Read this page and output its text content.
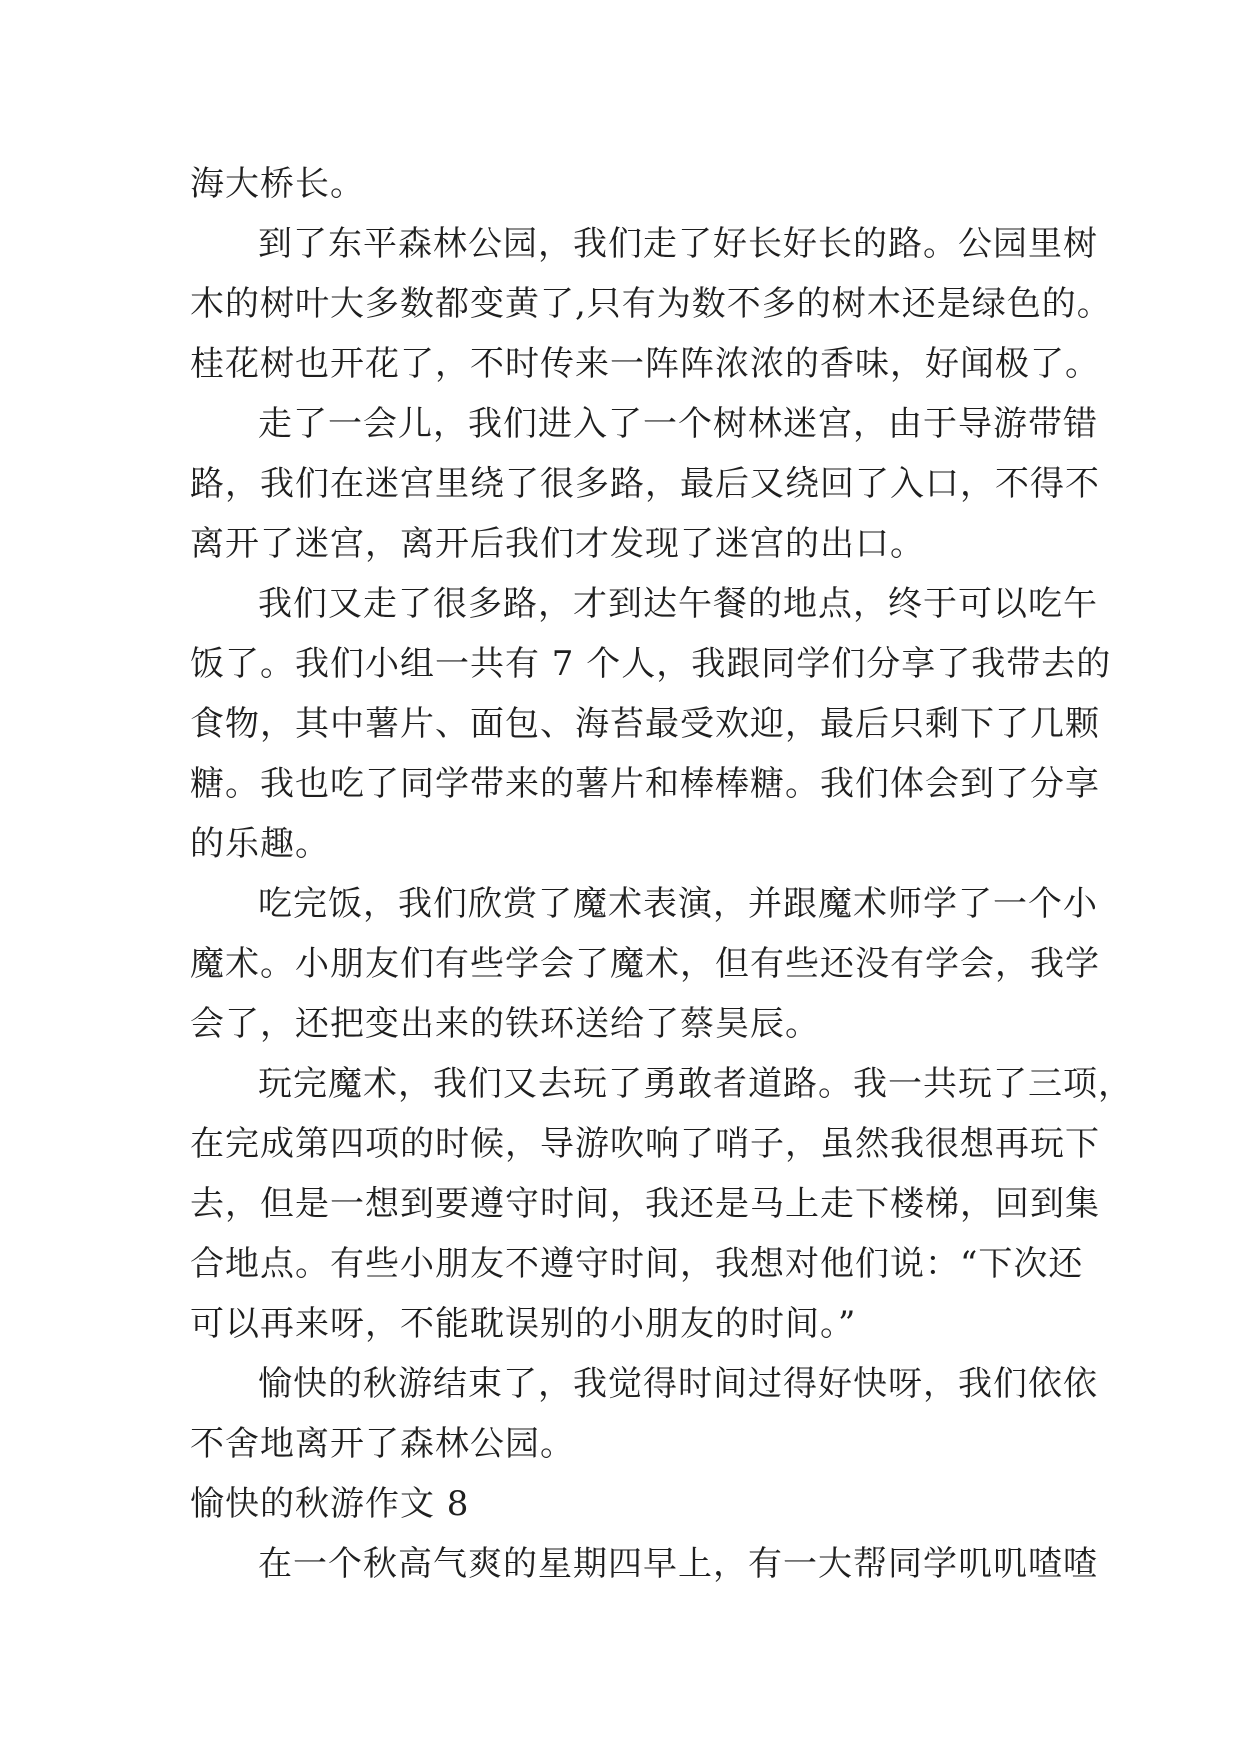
海大桥长。

到了东平森林公园，我们走了好长好长的路。公园里树
木的树叶大多数都变黄了,只有为数不多的树木还是绿色的。
桂花树也开花了，不时传来一阵阵浓浓的香味，好闻极了。

走了一会儿，我们进入了一个树林迷宫，由于导游带错
路，我们在迷宫里绕了很多路，最后又绕回了入口，不得不
离开了迷宫，离开后我们才发现了迷宫的出口。

我们又走了很多路，才到达午餐的地点，终于可以吃午
饭了。我们小组一共有 7 个人，我跟同学们分享了我带去的
食物，其中薯片、面包、海苔最受欢迎，最后只剩下了几颗
糖。我也吃了同学带来的薯片和棒棒糖。我们体会到了分享
的乐趣。

吃完饭，我们欣赏了魔术表演，并跟魔术师学了一个小
魔术。小朋友们有些学会了魔术，但有些还没有学会，我学
会了，还把变出来的铁环送给了蔡昊辰。

玩完魔术，我们又去玩了勇敢者道路。我一共玩了三项，
在完成第四项的时候，导游吹响了哨子，虽然我很想再玩下
去，但是一想到要遵守时间，我还是马上走下楼梯，回到集
合地点。有些小朋友不遵守时间，我想对他们说：“下次还
可以再来呀，不能耽误别的小朋友的时间。”

愉快的秋游结束了，我觉得时间过得好快呀，我们依依
不舍地离开了森林公园。

愉快的秋游作文 8

在一个秋高气爽的星期四早上，有一大帮同学叽叽喳喳
